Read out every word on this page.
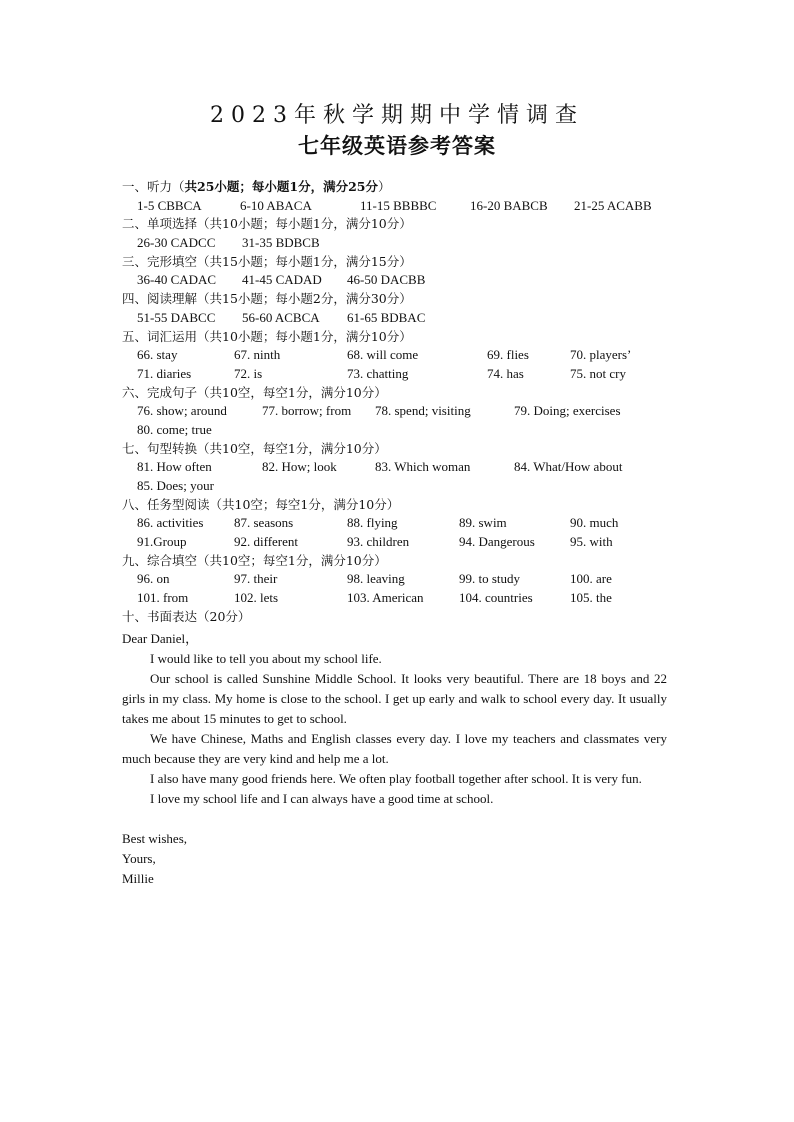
2023年秋学期期中学情调查
七年级英语参考答案
一、听力（共25小题；每小题1分，满分25分）
1-5 CBBCA	6-10 ABACA	11-15 BBBBC	16-20 BABCB 21-25 ACABB
二、单项选择（共10小题；每小题1分，满分10分）
26-30 CADCC 31-35 BDBCB
三、完形填空（共15小题；每小题1分，满分15分）
36-40 CADAC 41-45 CADAD 46-50 DACBB
四、阅读理解（共15小题；每小题2分，满分30分）
51-55 DABCC 56-60 ACBCA 61-65 BDBAC
五、词汇运用（共10小题；每小题1分，满分10分）
66. stay	67. ninth	68. will come	69. flies	70. players’
71. diaries	72. is	73. chatting	74. has	75. not cry
六、完成句子（共10空，每空1分，满分10分）
76. show; around	77. borrow; from 78. spend; visiting	79. Doing; exercises
80. come; true
七、句型转换（共10空，每空1分，满分10分）
81. How often	82. How; look	83. Which woman	84. What/How about
85. Does; your
八、任务型阅读（共10空；每空1分，满分10分）
86. activities 87. seasons	88. flying	89. swim	90. much
91.Group	92. different	93. children	94. Dangerous	95. with
九、综合填空（共10空；每空1分，满分10分）
96. on	97. their	98. leaving	99. to study	100. are
101. from	102. lets	103. American	104. countries	105. the
十、书面表达（20分）

Dear Daniel，

I would like to tell you about my school life.

Our school is called Sunshine Middle School. It looks very beautiful. There are 18 boys and 22 girls in my class. My home is close to the school. I get up early and walk to school every day. It usually takes me about 15 minutes to get to school.

We have Chinese, Maths and English classes every day. I love my teachers and classmates very much because they are very kind and help me a lot.

I also have many good friends here. We often play football together after school. It is very fun.

I love my school life and I can always have a good time at school.

Best wishes,

Yours,

Millie
